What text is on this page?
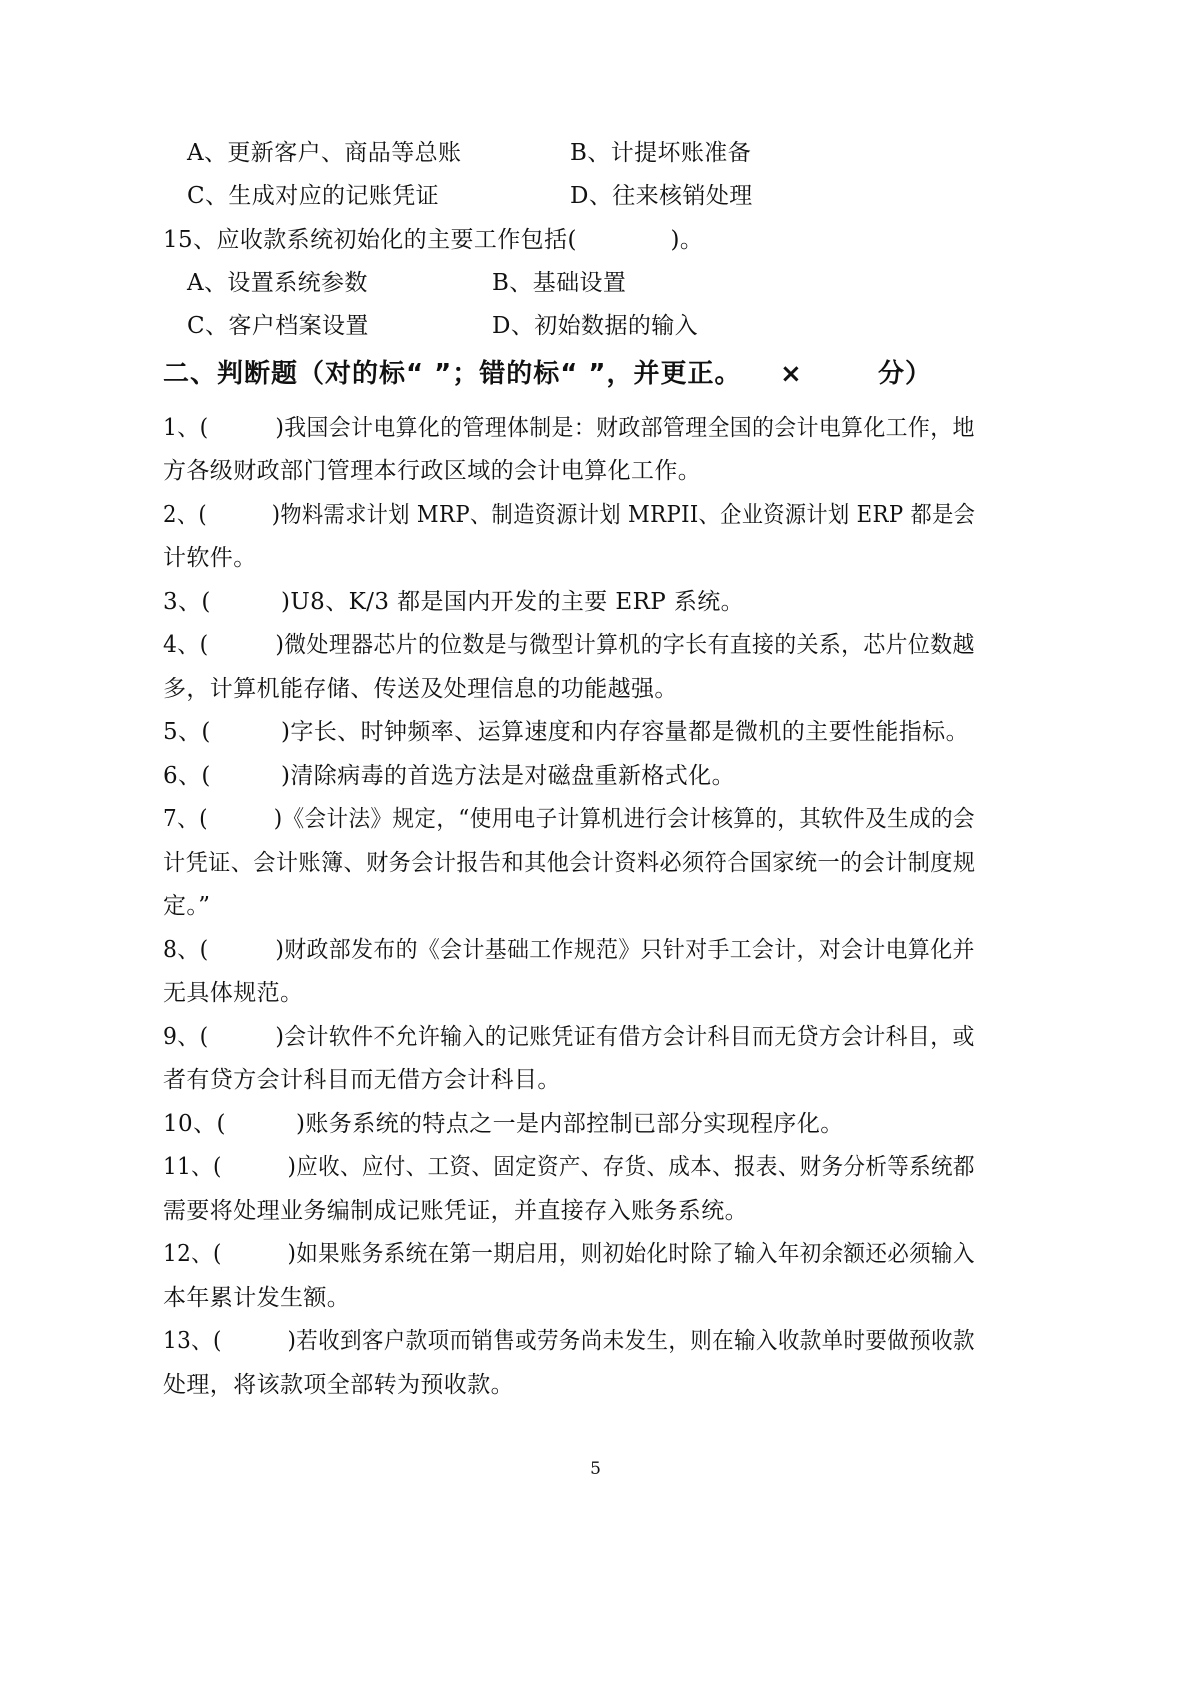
A、更新客户、商品等总账	B、计提坏账准备
C、生成对应的记账凭证	D、往来核销处理
15、应收款系统初始化的主要工作包括(　　　　)。
A、设置系统参数	B、基础设置
C、客户档案设置	D、初始数据的输入
二、判断题（对的标“ ”；错的标“ ”，并更正。 ×	分）
1、(　　　)我国会计电算化的管理体制是：财政部管理全国的会计电算化工作，地
方各级财政部门管理本行政区域的会计电算化工作。
2、(　　　)物料需求计划 MRP、制造资源计划 MRPII、企业资源计划 ERP 都是会
计软件。
3、(　　　)U8、K/3 都是国内开发的主要 ERP 系统。
4、(　　　)微处理器芯片的位数是与微型计算机的字长有直接的关系，芯片位数越
多，计算机能存储、传送及处理信息的功能越强。
5、(　　　)字长、时钟频率、运算速度和内存容量都是微机的主要性能指标。
6、(　　　)清除病毒的首选方法是对磁盘重新格式化。
7、(　　　)《会计法》规定，“使用电子计算机进行会计核算的，其软件及生成的会
计凭证、会计账簿、财务会计报告和其他会计资料必须符合国家统一的会计制度规
定。”
8、(　　　)财政部发布的《会计基础工作规范》只针对手工会计，对会计电算化并
无具体规范。
9、(　　　)会计软件不允许输入的记账凭证有借方会计科目而无贷方会计科目，或
者有贷方会计科目而无借方会计科目。
10、(　　　)账务系统的特点之一是内部控制已部分实现程序化。
11、(　　　)应收、应付、工资、固定资产、存货、成本、报表、财务分析等系统都
需要将处理业务编制成记账凭证，并直接存入账务系统。
12、(　　　)如果账务系统在第一期启用，则初始化时除了输入年初余额还必须输入
本年累计发生额。
13、(　　　)若收到客户款项而销售或劳务尚未发生，则在输入收款单时要做预收款
处理，将该款项全部转为预收款。
5
